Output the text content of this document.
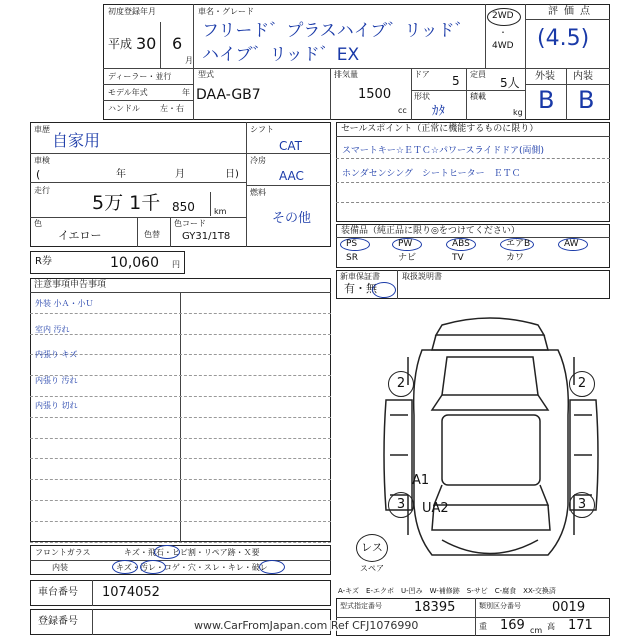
初度登録年月
平成 30 6
月
車名・グレード
フリード゛プラスハイブ゛リッド゛
ハイブ゛リッド゛EX
2WD
・
4WD
評価点
(4.5)
ディーラー・並行
モデル年式	年
ハンドル	左・右
型式
DAA-GB7
排気量
1500
cc
ドア 5 定員
5人
形状
ｶﾀ
積載
kg
外装 内装
B B
車歴
自家用
車検
(	年	月	日)
走行
5万 1千 850 km
色
イエロー	色替
色コード
GY31/1T8
シフト
CAT
冷房
AAC
燃料
その他
R券	10,060 円
セールスポイント（正常に機能するものに限り）
スマートキー☆ＥＴＣ☆パワースライドドア(両側)
ホンダセンシング　シートヒーター　ＥＴＣ
装備品（純正品に限り◎をつけてください）
PS	PW	ABS	エアB	AW
SR	ナビ	TV	カワ
新車保証書	取扱説明書
有・無
注意事項申告事項
外装 小Ａ・小Ｕ
室内 汚れ
内張り キズ
内張り 汚れ
内張り 切れ
2	2
3	3
A1
UA2
レス
スペア
フロントガラス	キズ・飛石・ヒビ割・リペア跡・Ｘ要
内装	キズ・汚レ・コゲ・穴・スレ・キレ・破レ
A-キズ　E-エクボ　U-凹み　W-補修跡　S-サビ　C-腐食　XX-交換済
車台番号 1074052
登録番号
型式指定番号 18395	類別区分番号 0019
重 169 cm 高 171
www.CarFromJapan.com Ref CFJ1076990
